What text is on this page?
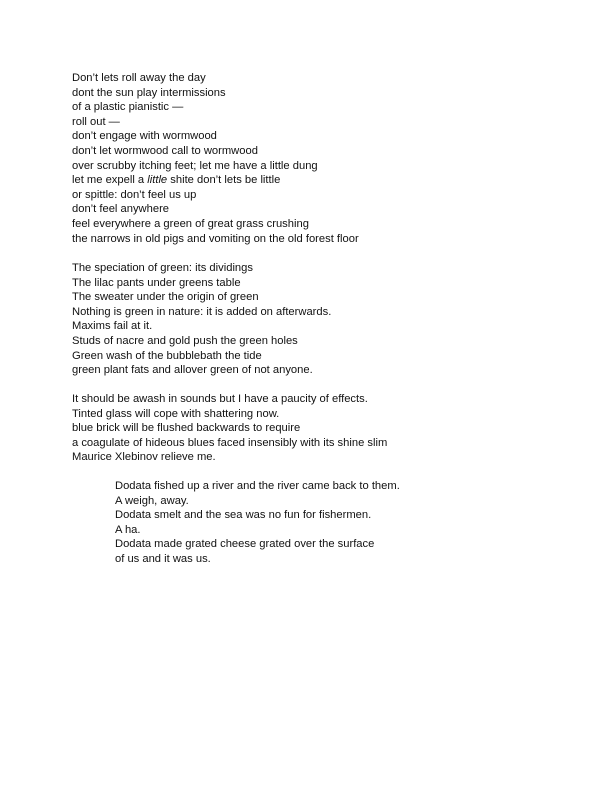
Don’t lets roll away the day
dont the sun play intermissions
of a plastic pianistic —
roll out —
don’t engage with wormwood
don’t let wormwood call to wormwood
over scrubby itching feet; let me have a little dung
let me expell a little shite don’t lets be little
or spittle: don’t feel us up
don’t feel anywhere
feel everywhere a green of great grass crushing
the narrows in old pigs and vomiting on the old forest floor
The speciation of green: its dividings
The lilac pants under greens table
The sweater under the origin of green
Nothing is green in nature: it is added on afterwards.
Maxims fail at it.
Studs of nacre and gold push the green holes
Green wash of the bubblebath the tide
green plant fats and allover green of not anyone.
It should be awash in sounds but I have a paucity of effects.
Tinted glass will cope with shattering now.
blue brick will be flushed backwards to require
a coagulate of hideous blues faced insensibly with its shine slim
Maurice Xlebinov relieve me.
Dodata fished up a river and the river came back to them.
A weigh, away.
Dodata smelt and the sea was no fun for fishermen.
A ha.
Dodata made grated cheese grated over the surface
of us and it was us.
